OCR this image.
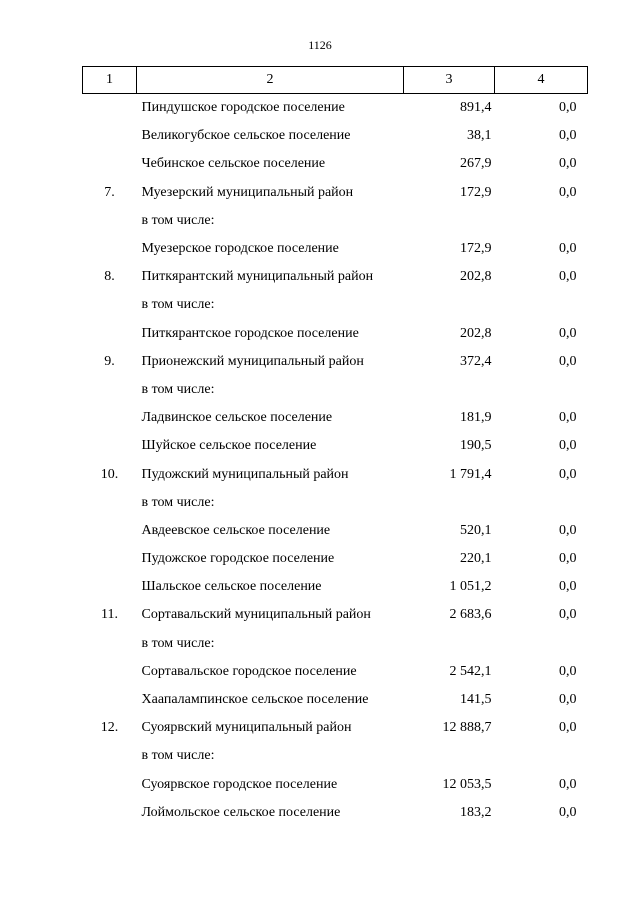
1126
1	2	3	4
	Пиндушское городское поселение	891,4	0,0
	Великогубское сельское поселение	38,1	0,0
	Чебинское сельское поселение	267,9	0,0
7.	Муезерский муниципальный район	172,9	0,0
	в том числе:		
	Муезерское городское поселение	172,9	0,0
8.	Питкярантский муниципальный район	202,8	0,0
	в том числе:		
	Питкярантское городское поселение	202,8	0,0
9.	Прионежский муниципальный район	372,4	0,0
	в том числе:		
	Ладвинское сельское поселение	181,9	0,0
	Шуйское сельское поселение	190,5	0,0
10.	Пудожский муниципальный район	1 791,4	0,0
	в том числе:		
	Авдеевское сельское поселение	520,1	0,0
	Пудожское городское поселение	220,1	0,0
	Шальское сельское поселение	1 051,2	0,0
11.	Сортавальский муниципальный район	2 683,6	0,0
	в том числе:		
	Сортавальское городское поселение	2 542,1	0,0
	Хаапалампинское сельское поселение	141,5	0,0
12.	Суоярвский муниципальный район	12 888,7	0,0
	в том числе:		
	Суоярвское городское поселение	12 053,5	0,0
	Лоймольское сельское поселение	183,2	0,0
